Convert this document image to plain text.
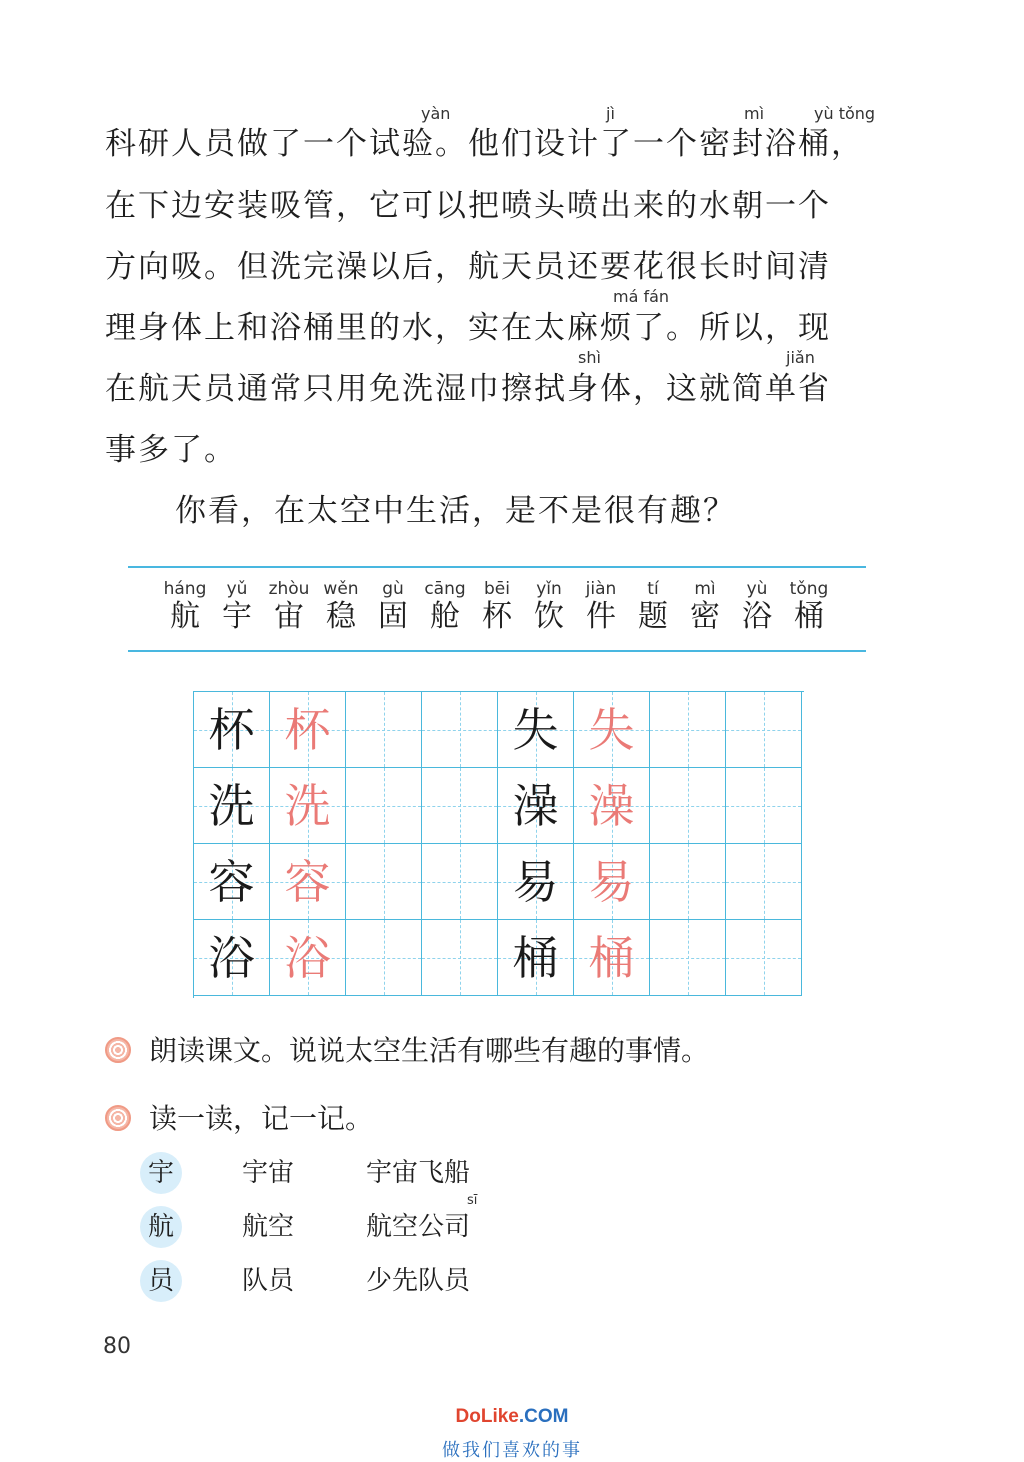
yàn	jì	mì	yù tǒng
má fán
shì	jiǎn
科研人员做了一个试验。他们设计了一个密封浴桶，
在下边安装吸管，它可以把喷头喷出来的水朝一个
方向吸。但洗完澡以后，航天员还要花很长时间清
理身体上和浴桶里的水，实在太麻烦了。所以，现
在航天员通常只用免洗湿巾擦拭身体，这就简单省
事多了。
你看，在太空中生活，是不是很有趣？
háng
航
yǔ
宇
zhòu
宙
wěn
稳
gù
固
cāng
舱
bēi
杯
yǐn
饮
jiàn
件
tí
题
mì
密
yù
浴
tǒng
桶
杯 杯	失 失
洗 洗	澡 澡
容 容	易 易
浴 浴	桶 桶
朗读课文。说说太空生活有哪些有趣的事情。
读一读，记一记。
宇	宇宙	宇宙飞船
sī
航	航空	航空公司
员	队员	少先队员
80
DoLike.COM
做我们喜欢的事
